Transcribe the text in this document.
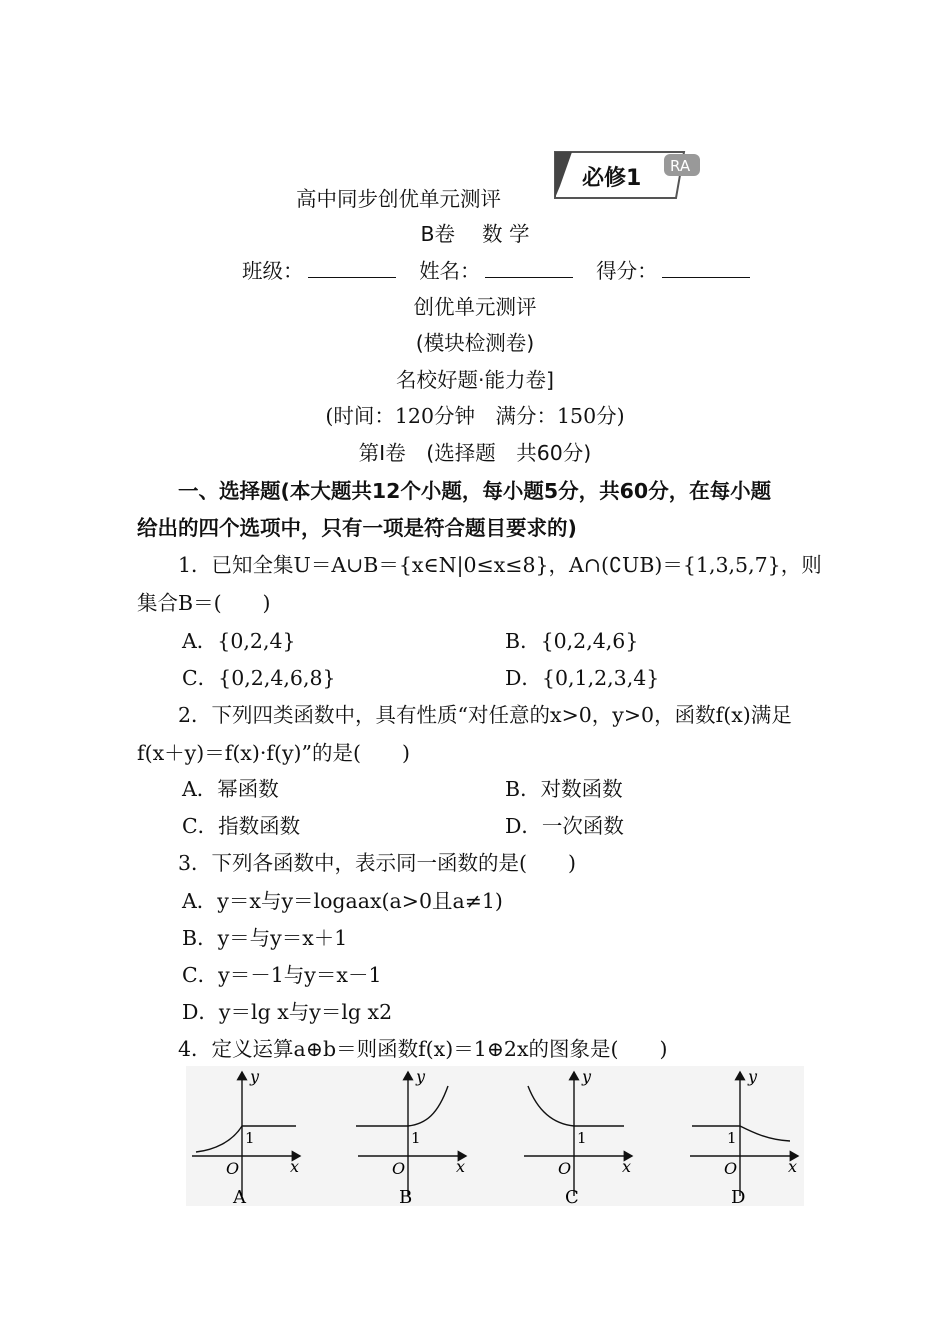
高中同步创优单元测评
必修1 RA
B卷　 数 学
班级：	姓名：	得分：
创优单元测评
(模块检测卷)
名校好题·能力卷]
(时间：120分钟　满分：150分)
第Ⅰ卷　(选择题　共60分)
一、选择题(本大题共12个小题，每小题5分，共60分，在每小题
给出的四个选项中，只有一项是符合题目要求的)
1．已知全集U＝A∪B＝{x∈N|0≤x≤8}，A∩(∁UB)＝{1,3,5,7}，则
集合B＝(　　)
A．{0,2,4}	B．{0,2,4,6}
C．{0,2,4,6,8}	D．{0,1,2,3,4}
2．下列四类函数中，具有性质“对任意的x>0，y>0，函数f(x)满足
f(x＋y)＝f(x)·f(y)”的是(　　)
A．幂函数	B．对数函数
C．指数函数	D．一次函数
3．下列各函数中，表示同一函数的是(　　)
A．y＝x与y＝logaax(a>0且a≠1)
B．y＝与y＝x＋1
C．y＝－1与y＝x－1
D．y＝lg x与y＝lg x2
4．定义运算a⊕b＝则函数f(x)＝1⊕2x的图象是(　　)
y
x
O
1
A
y
x
O
1
B
y
x
O
1
C
y
x
O
1
D
